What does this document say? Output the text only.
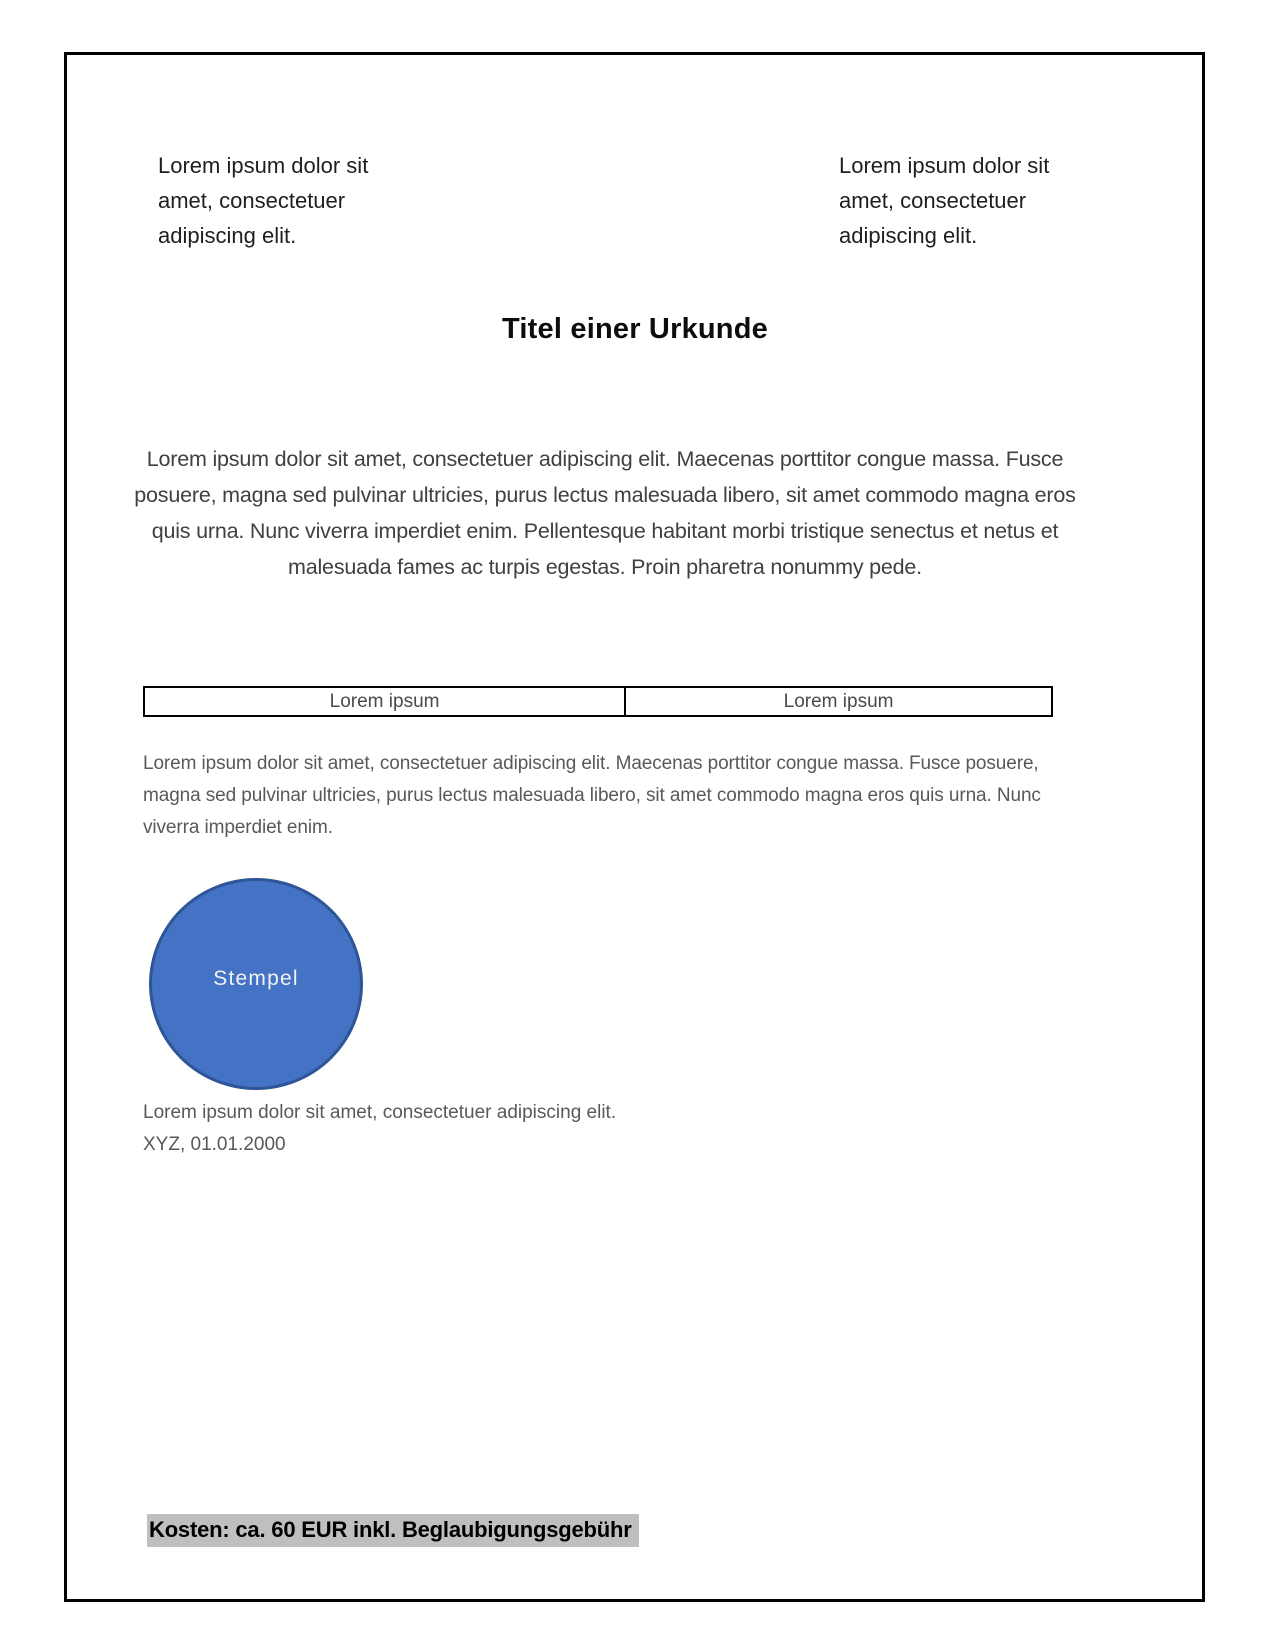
Lorem ipsum dolor sit
amet, consectetuer
adipiscing elit.
Lorem ipsum dolor sit
amet, consectetuer
adipiscing elit.
Titel einer Urkunde
Lorem ipsum dolor sit amet, consectetuer adipiscing elit. Maecenas porttitor congue massa. Fusce posuere, magna sed pulvinar ultricies, purus lectus malesuada libero, sit amet commodo magna eros quis urna. Nunc viverra imperdiet enim. Pellentesque habitant morbi tristique senectus et netus et malesuada fames ac turpis egestas. Proin pharetra nonummy pede.
Lorem ipsum	Lorem ipsum
Lorem ipsum dolor sit amet, consectetuer adipiscing elit. Maecenas porttitor congue massa. Fusce posuere, magna sed pulvinar ultricies, purus lectus malesuada libero, sit amet commodo magna eros quis urna. Nunc viverra imperdiet enim.
Stempel
Lorem ipsum dolor sit amet, consectetuer adipiscing elit.
XYZ, 01.01.2000
Kosten: ca. 60 EUR inkl. Beglaubigungsgebühr
